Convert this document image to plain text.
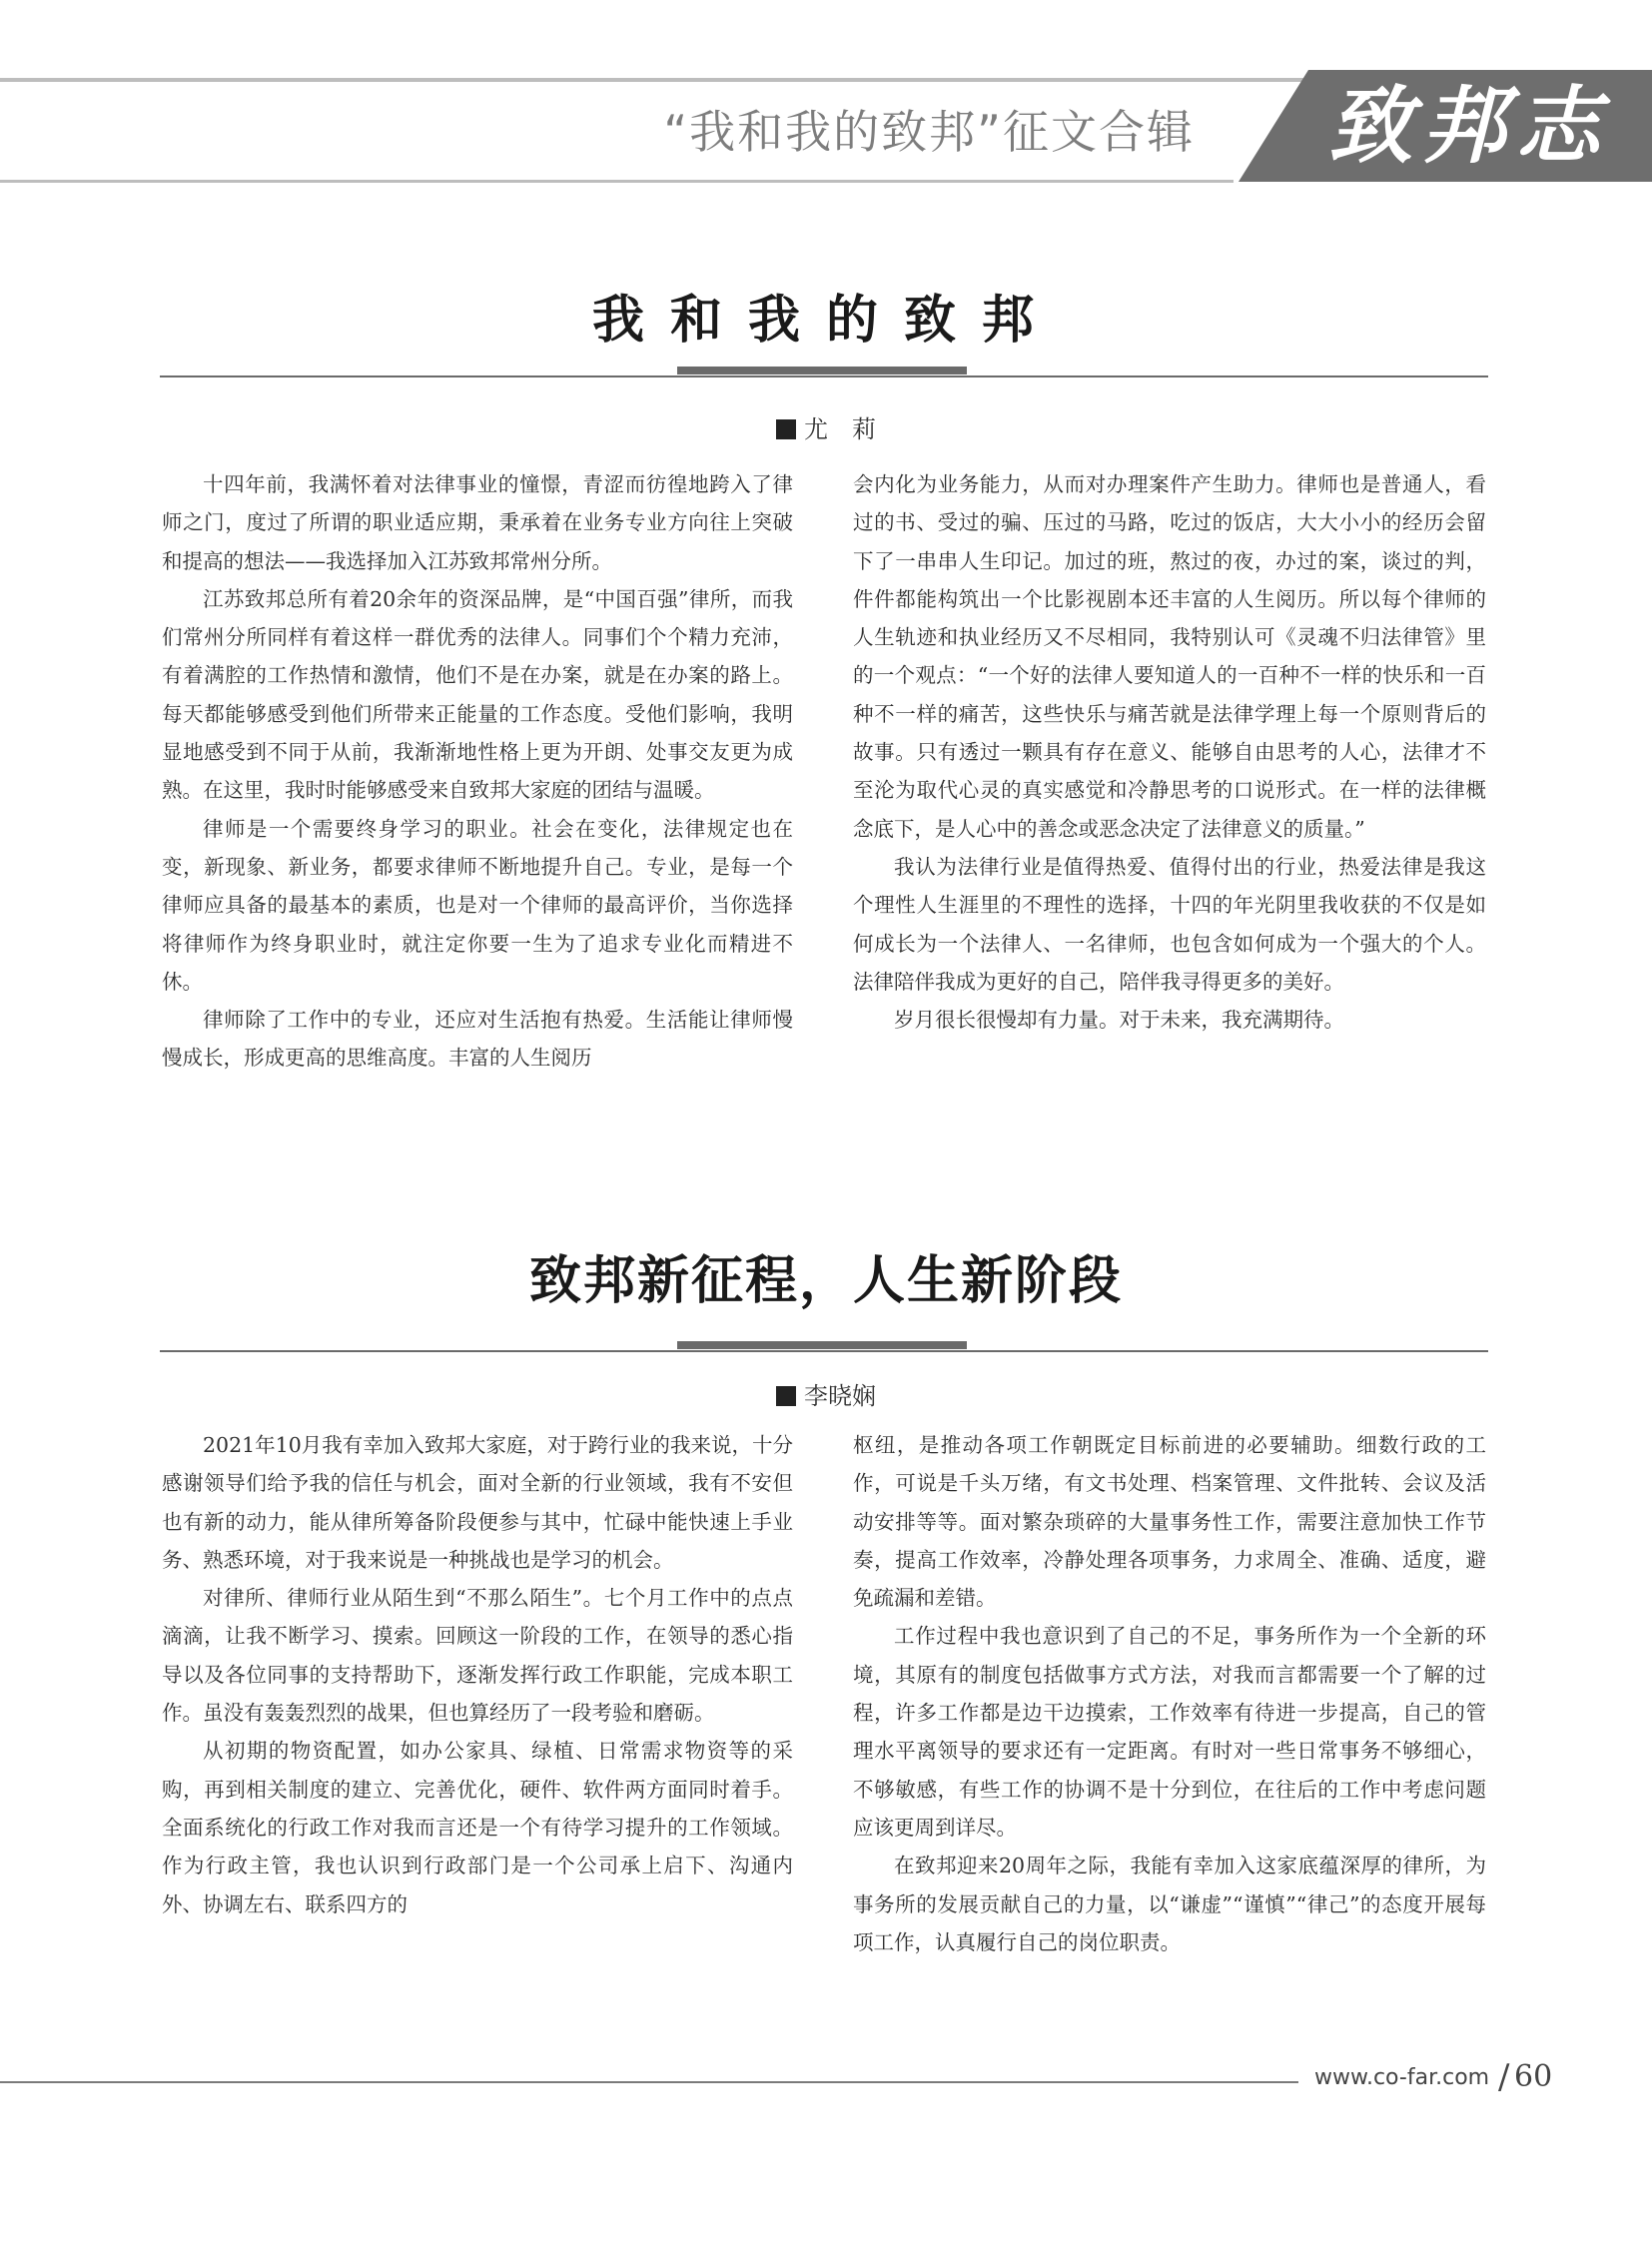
“我和我的致邦”征文合辑 致邦志
我和我的致邦
尤　莉

十四年前，我满怀着对法律事业的憧憬，青涩而彷徨地跨入了律师之门，度过了所谓的职业适应期，秉承着在业务专业方向往上突破和提高的想法——我选择加入江苏致邦常州分所。

江苏致邦总所有着20余年的资深品牌，是“中国百强”律所，而我们常州分所同样有着这样一群优秀的法律人。同事们个个精力充沛，有着满腔的工作热情和激情，他们不是在办案，就是在办案的路上。每天都能够感受到他们所带来正能量的工作态度。受他们影响，我明显地感受到不同于从前，我渐渐地性格上更为开朗、处事交友更为成熟。在这里，我时时能够感受来自致邦大家庭的团结与温暖。

律师是一个需要终身学习的职业。社会在变化，法律规定也在变，新现象、新业务，都要求律师不断地提升自己。专业，是每一个律师应具备的最基本的素质，也是对一个律师的最高评价，当你选择将律师作为终身职业时，就注定你要一生为了追求专业化而精进不休。

律师除了工作中的专业，还应对生活抱有热爱。生活能让律师慢慢成长，形成更高的思维高度。丰富的人生阅历

会内化为业务能力，从而对办理案件产生助力。律师也是普通人，看过的书、受过的骗、压过的马路，吃过的饭店，大大小小的经历会留下了一串串人生印记。加过的班，熬过的夜，办过的案，谈过的判，件件都能构筑出一个比影视剧本还丰富的人生阅历。所以每个律师的人生轨迹和执业经历又不尽相同，我特别认可《灵魂不归法律管》里的一个观点：“一个好的法律人要知道人的一百种不一样的快乐和一百种不一样的痛苦，这些快乐与痛苦就是法律学理上每一个原则背后的故事。只有透过一颗具有存在意义、能够自由思考的人心，法律才不至沦为取代心灵的真实感觉和冷静思考的口说形式。在一样的法律概念底下，是人心中的善念或恶念决定了法律意义的质量。”

我认为法律行业是值得热爱、值得付出的行业，热爱法律是我这个理性人生涯里的不理性的选择，十四的年光阴里我收获的不仅是如何成长为一个法律人、一名律师，也包含如何成为一个强大的个人。法律陪伴我成为更好的自己，陪伴我寻得更多的美好。

岁月很长很慢却有力量。对于未来，我充满期待。

致邦新征程，人生新阶段
李晓娴

2021年10月我有幸加入致邦大家庭，对于跨行业的我来说，十分感谢领导们给予我的信任与机会，面对全新的行业领域，我有不安但也有新的动力，能从律所筹备阶段便参与其中，忙碌中能快速上手业务、熟悉环境，对于我来说是一种挑战也是学习的机会。

对律所、律师行业从陌生到“不那么陌生”。七个月工作中的点点滴滴，让我不断学习、摸索。回顾这一阶段的工作，在领导的悉心指导以及各位同事的支持帮助下，逐渐发挥行政工作职能，完成本职工作。虽没有轰轰烈烈的战果，但也算经历了一段考验和磨砺。

从初期的物资配置，如办公家具、绿植、日常需求物资等的采购，再到相关制度的建立、完善优化，硬件、软件两方面同时着手。全面系统化的行政工作对我而言还是一个有待学习提升的工作领域。作为行政主管，我也认识到行政部门是一个公司承上启下、沟通内外、协调左右、联系四方的

枢纽，是推动各项工作朝既定目标前进的必要辅助。细数行政的工作，可说是千头万绪，有文书处理、档案管理、文件批转、会议及活动安排等等。面对繁杂琐碎的大量事务性工作，需要注意加快工作节奏，提高工作效率，冷静处理各项事务，力求周全、准确、适度，避免疏漏和差错。

工作过程中我也意识到了自己的不足，事务所作为一个全新的环境，其原有的制度包括做事方式方法，对我而言都需要一个了解的过程，许多工作都是边干边摸索，工作效率有待进一步提高，自己的管理水平离领导的要求还有一定距离。有时对一些日常事务不够细心，不够敏感，有些工作的协调不是十分到位，在往后的工作中考虑问题应该更周到详尽。

在致邦迎来20周年之际，我能有幸加入这家底蕴深厚的律所，为事务所的发展贡献自己的力量，以“谦虚”“谨慎”“律己”的态度开展每项工作，认真履行自己的岗位职责。

www.co-far.com / 60
